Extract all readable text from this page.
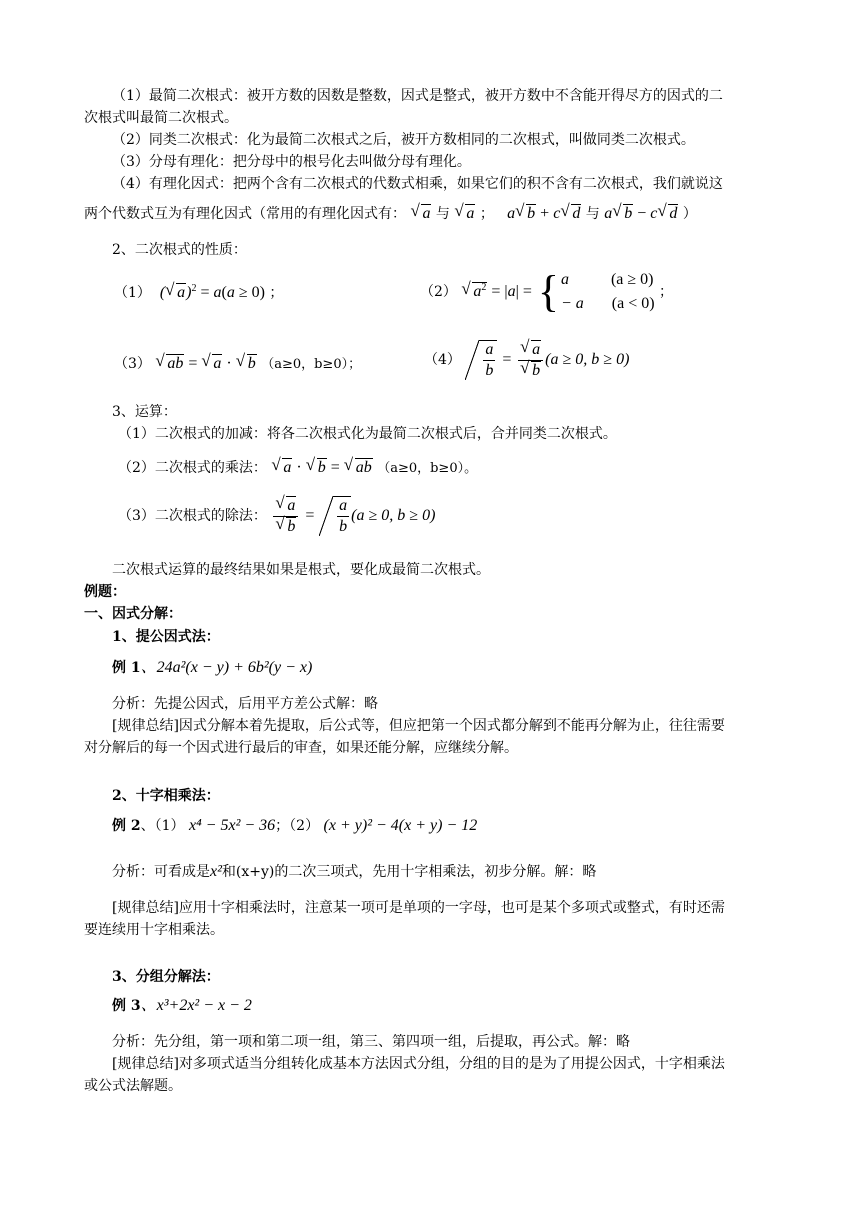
（1）最简二次根式：被开方数的因数是整数，因式是整式，被开方数中不含能开得尽方的因式的二
次根式叫最简二次根式。
（2）同类二次根式：化为最简二次根式之后，被开方数相同的二次根式，叫做同类二次根式。
（3）分母有理化：把分母中的根号化去叫做分母有理化。
（4）有理化因式：把两个含有二次根式的代数式相乘，如果它们的积不含有二次根式，我们就说这
两个代数式互为有理化因式（常用的有理化因式有： √ a 与 √ a ； a √ b + c √ d 与 a √ b − c √ d ）
2、二次根式的性质：
（1） ( √ a)$^2$ = a(a ≥ 0) ；	（2） √ $a^2 = |a|$ = { a	(a ≥ 0)
− a (a < 0)
；
（3） √ ab = √ a · √ b （a≥0，b≥0）；	$(4) \frac{a}{b}$ = √ a
√ b (a ≥ 0, b ≥ 0)
3、运算：
（1）二次根式的加减：将各二次根式化为最简二次根式后，合并同类二次根式。
（2）二次根式的乘法： √ a · √ b = √ ab （a≥0，b≥0）。
（3）二次根式的除法： √ a
√ $b = \frac{a}{b} (a \ge 0$, b ≥ 0)
二次根式运算的最终结果如果是根式，要化成最简二次根式。
例题：
一、因式分解：
1、提公因式法：
例 1、24a²(x − y) + 6b²(y − x)
分析：先提公因式，后用平方差公式解：略
[规律总结]因式分解本着先提取，后公式等，但应把第一个因式都分解到不能再分解为止，往往需要
对分解后的每一个因式进行最后的审查，如果还能分解，应继续分解。
2、十字相乘法：
例 2、（1） x⁴ − 5x² − 36；（2） (x + y)² − 4(x + y) − 12
分析：可看成是x²和(x+y)的二次三项式，先用十字相乘法，初步分解。解：略
[规律总结]应用十字相乘法时，注意某一项可是单项的一字母，也可是某个多项式或整式，有时还需
要连续用十字相乘法。
3、分组分解法：
例 3、x³+2x² − x − 2
分析：先分组，第一项和第二项一组，第三、第四项一组，后提取，再公式。解：略
[规律总结]对多项式适当分组转化成基本方法因式分组，分组的目的是为了用提公因式，十字相乘法
或公式法解题。
